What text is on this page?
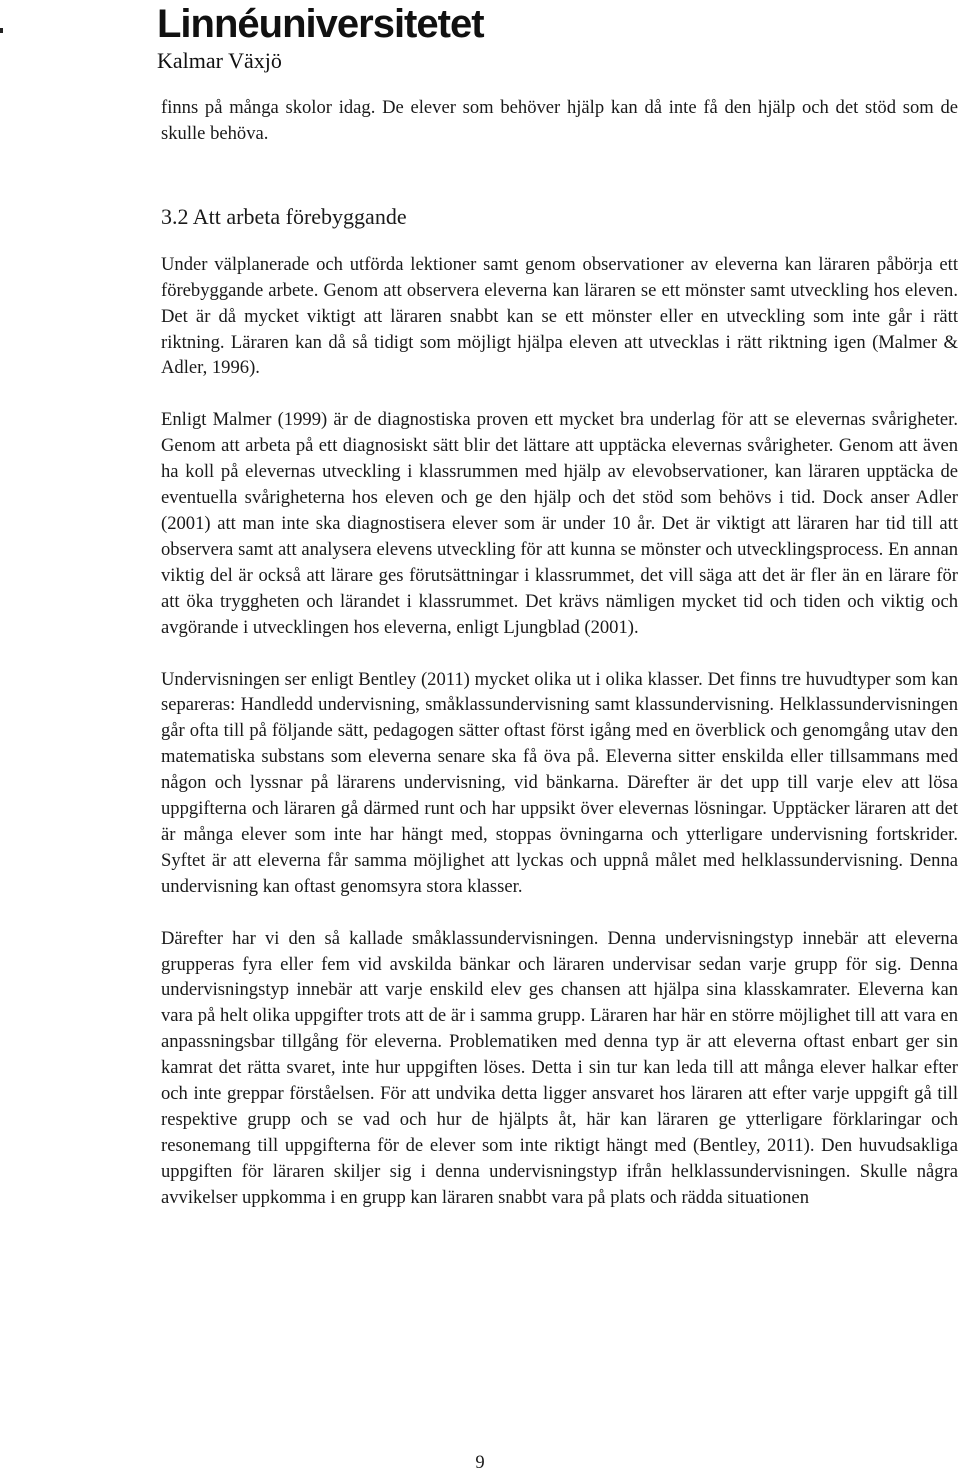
Linnéuniversitetet
Kalmar Växjö

finns på många skolor idag. De elever som behöver hjälp kan då inte få den hjälp och det stöd som de skulle behöva.

3.2 Att arbeta förebyggande

Under välplanerade och utförda lektioner samt genom observationer av eleverna kan läraren påbörja ett förebyggande arbete. Genom att observera eleverna kan läraren se ett mönster samt utveckling hos eleven. Det är då mycket viktigt att läraren snabbt kan se ett mönster eller en utveckling som inte går i rätt riktning. Läraren kan då så tidigt som möjligt hjälpa eleven att utvecklas i rätt riktning igen (Malmer & Adler, 1996).

Enligt Malmer (1999) är de diagnostiska proven ett mycket bra underlag för att se elevernas svårigheter. Genom att arbeta på ett diagnosiskt sätt blir det lättare att upptäcka elevernas svårigheter. Genom att även ha koll på elevernas utveckling i klassrummen med hjälp av elevobservationer, kan läraren upptäcka de eventuella svårigheterna hos eleven och ge den hjälp och det stöd som behövs i tid. Dock anser Adler (2001) att man inte ska diagnostisera elever som är under 10 år. Det är viktigt att läraren har tid till att observera samt att analysera elevens utveckling för att kunna se mönster och utvecklingsprocess. En annan viktig del är också att lärare ges förutsättningar i klassrummet, det vill säga att det är fler än en lärare för att öka tryggheten och lärandet i klassrummet. Det krävs nämligen mycket tid och tiden och viktig och avgörande i utvecklingen hos eleverna, enligt Ljungblad (2001).

Undervisningen ser enligt Bentley (2011) mycket olika ut i olika klasser. Det finns tre huvudtyper som kan separeras: Handledd undervisning, småklassundervisning samt klassundervisning. Helklassundervisningen går ofta till på följande sätt, pedagogen sätter oftast först igång med en överblick och genomgång utav den matematiska substans som eleverna senare ska få öva på. Eleverna sitter enskilda eller tillsammans med någon och lyssnar på lärarens undervisning, vid bänkarna. Därefter är det upp till varje elev att lösa uppgifterna och läraren gå därmed runt och har uppsikt över elevernas lösningar. Upptäcker läraren att det är många elever som inte har hängt med, stoppas övningarna och ytterligare undervisning fortskrider. Syftet är att eleverna får samma möjlighet att lyckas och uppnå målet med helklassundervisning. Denna undervisning kan oftast genomsyra stora klasser.

Därefter har vi den så kallade småklassundervisningen. Denna undervisningstyp innebär att eleverna grupperas fyra eller fem vid avskilda bänkar och läraren undervisar sedan varje grupp för sig. Denna undervisningstyp innebär att varje enskild elev ges chansen att hjälpa sina klasskamrater. Eleverna kan vara på helt olika uppgifter trots att de är i samma grupp. Läraren har här en större möjlighet till att vara en anpassningsbar tillgång för eleverna. Problematiken med denna typ är att eleverna oftast enbart ger sin kamrat det rätta svaret, inte hur uppgiften löses. Detta i sin tur kan leda till att många elever halkar efter och inte greppar förståelsen. För att undvika detta ligger ansvaret hos läraren att efter varje uppgift gå till respektive grupp och se vad och hur de hjälpts åt, här kan läraren ge ytterligare förklaringar och resonemang till uppgifterna för de elever som inte riktigt hängt med (Bentley, 2011). Den huvudsakliga uppgiften för läraren skiljer sig i denna undervisningstyp ifrån helklassundervisningen. Skulle några avvikelser uppkomma i en grupp kan läraren snabbt vara på plats och rädda situationen

9
